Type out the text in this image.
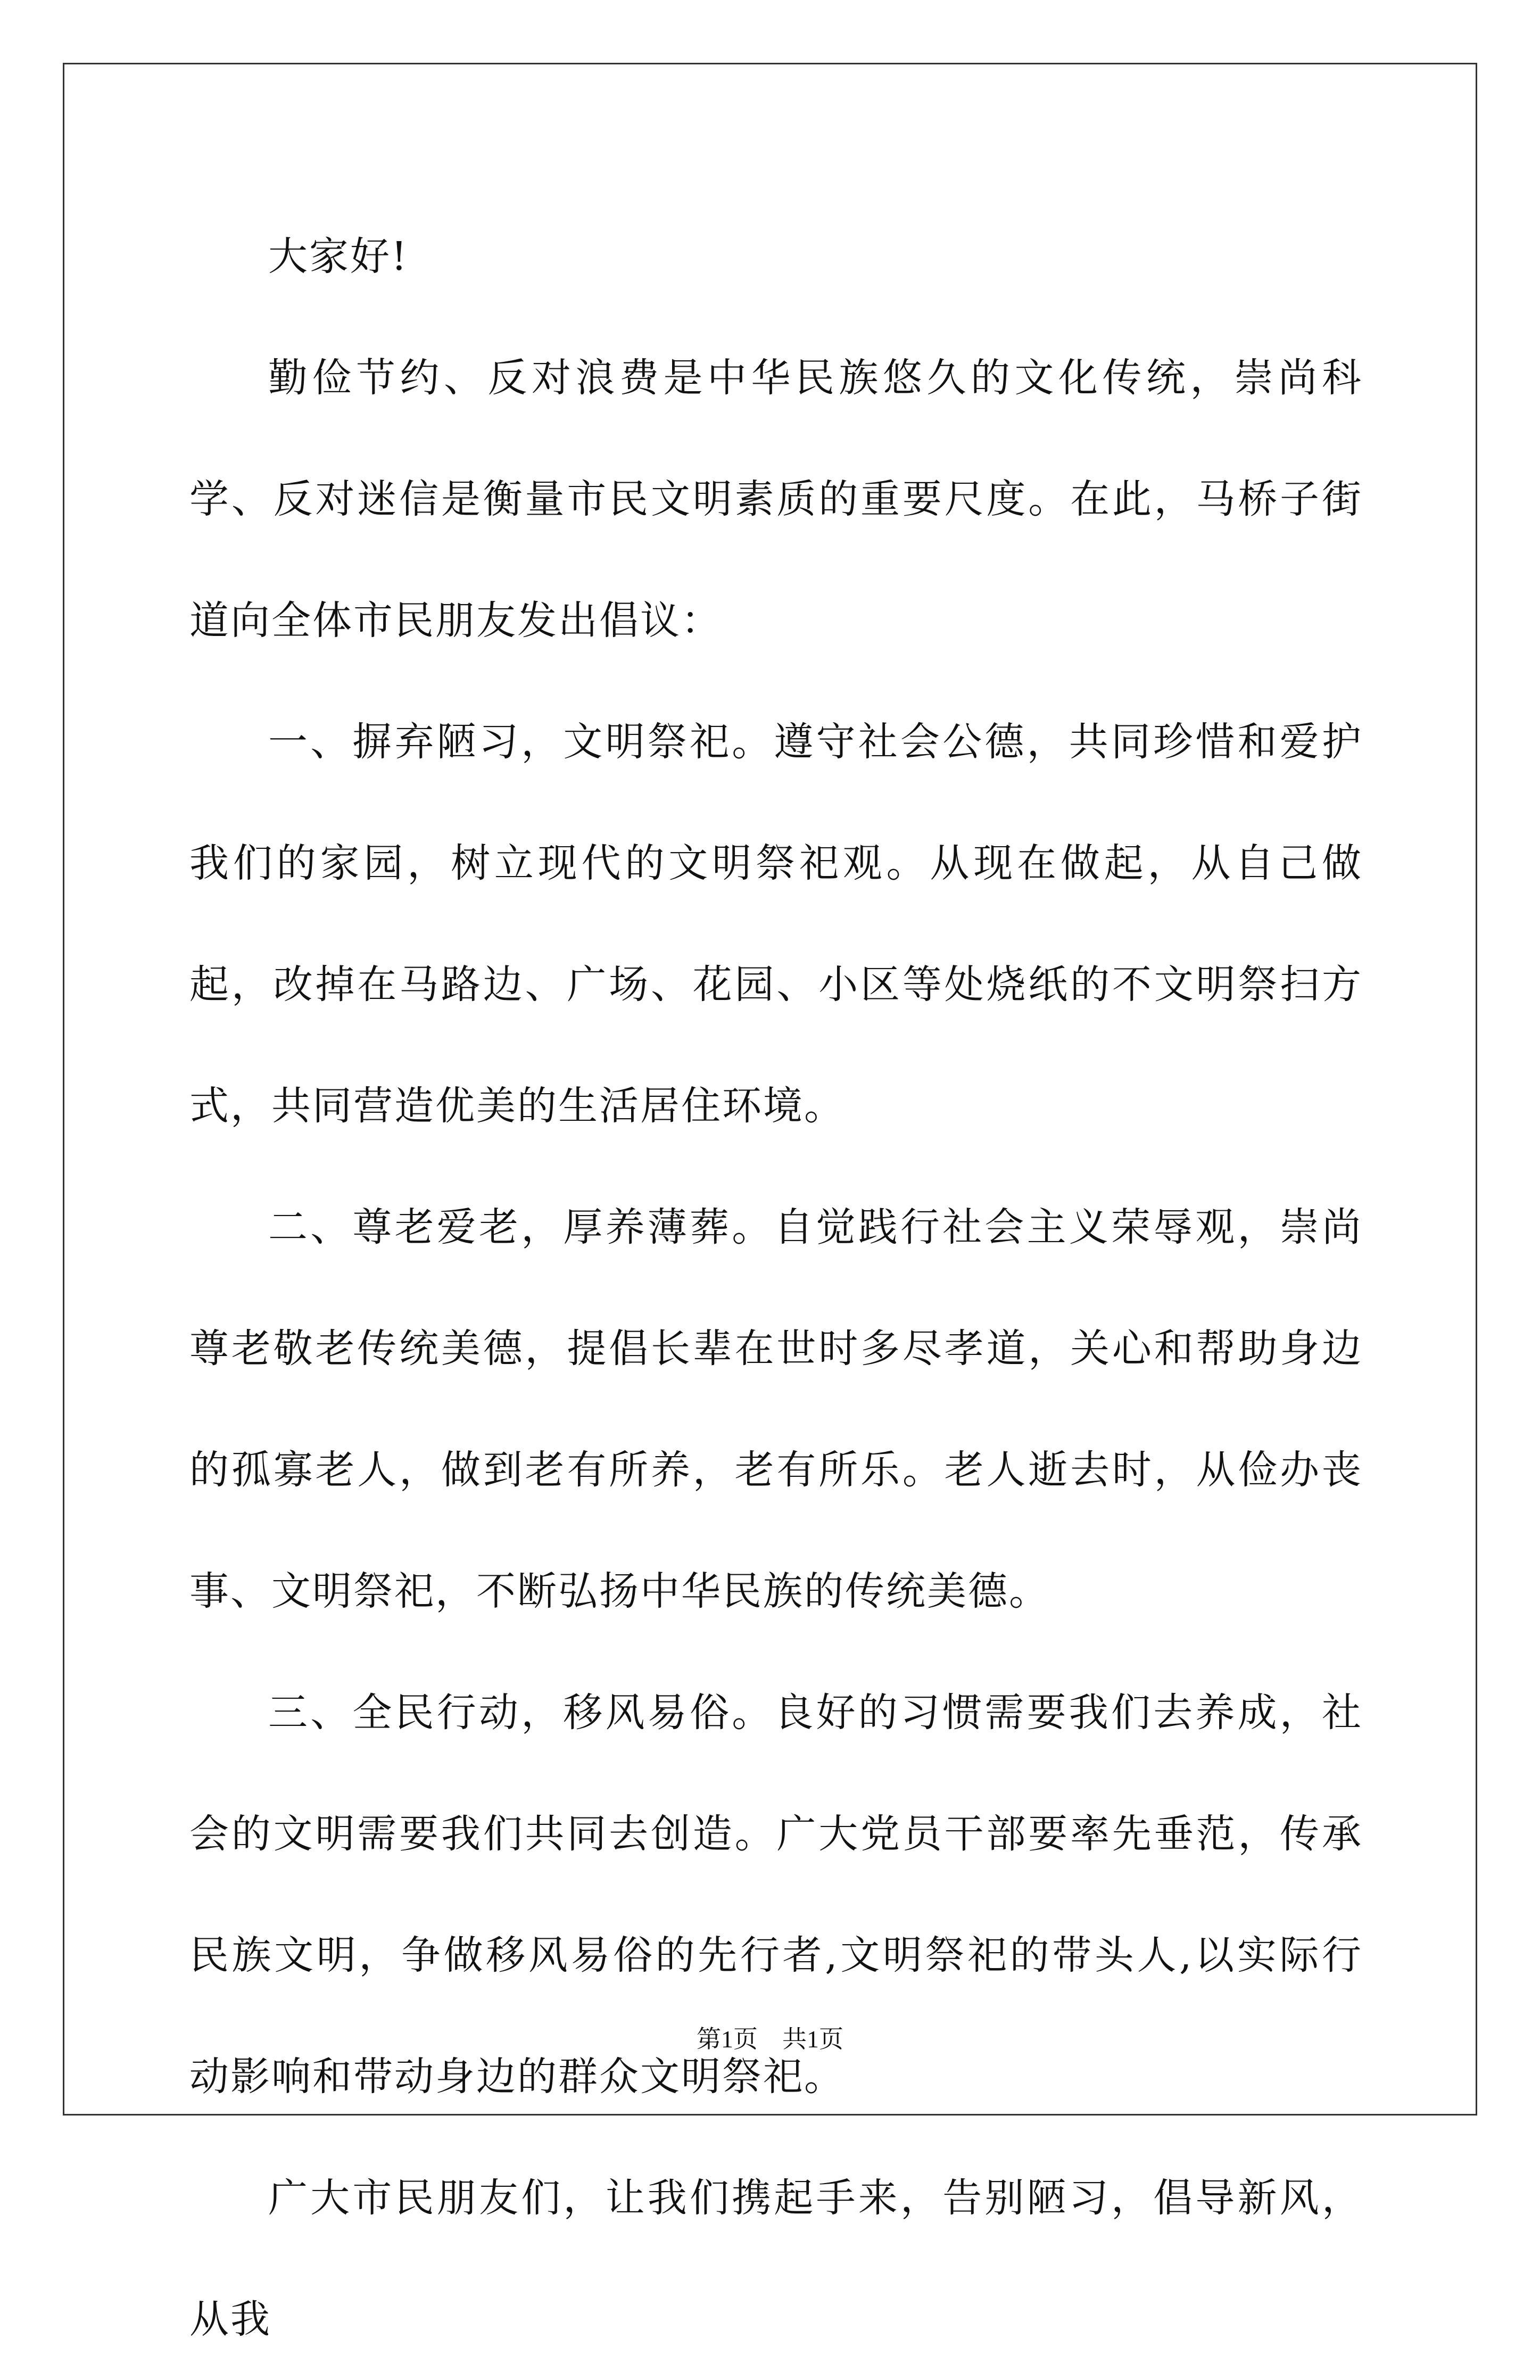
大家好!

勤俭节约、反对浪费是中华民族悠久的文化传统，崇尚科学、反对迷信是衡量市民文明素质的重要尺度。在此，马桥子街道向全体市民朋友发出倡议：

一、摒弃陋习，文明祭祀。遵守社会公德，共同珍惜和爱护我们的家园，树立现代的文明祭祀观。从现在做起，从自己做起，改掉在马路边、广场、花园、小区等处烧纸的不文明祭扫方式，共同营造优美的生活居住环境。

二、尊老爱老，厚养薄葬。自觉践行社会主义荣辱观，崇尚尊老敬老传统美德，提倡长辈在世时多尽孝道，关心和帮助身边的孤寡老人，做到老有所养，老有所乐。老人逝去时，从俭办丧事、文明祭祀，不断弘扬中华民族的传统美德。

三、全民行动，移风易俗。良好的习惯需要我们去养成，社会的文明需要我们共同去创造。广大党员干部要率先垂范，传承民族文明，争做移风易俗的先行者,文明祭祀的带头人,以实际行动影响和带动身边的群众文明祭祀。

广大市民朋友们，让我们携起手来，告别陋习，倡导新风，从我

第1页 共1页
